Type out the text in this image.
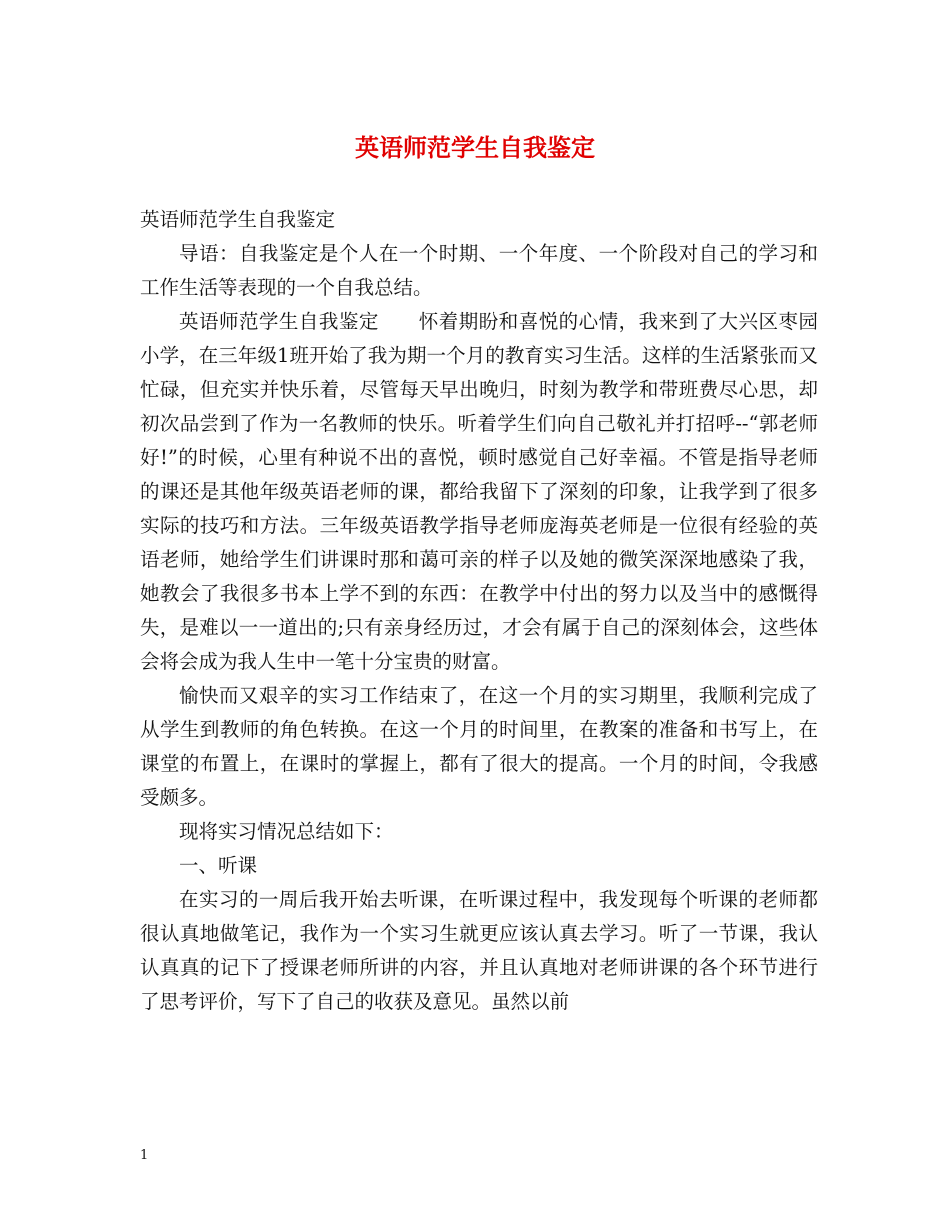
英语师范学生自我鉴定

英语师范学生自我鉴定

导语：自我鉴定是个人在一个时期、一个年度、一个阶段对自己的学习和工作生活等表现的一个自我总结。

英语师范学生自我鉴定　　怀着期盼和喜悦的心情，我来到了大兴区枣园小学，在三年级1班开始了我为期一个月的教育实习生活。这样的生活紧张而又忙碌，但充实并快乐着，尽管每天早出晚归，时刻为教学和带班费尽心思，却初次品尝到了作为一名教师的快乐。听着学生们向自己敬礼并打招呼--“郭老师好!”的时候，心里有种说不出的喜悦，顿时感觉自己好幸福。不管是指导老师的课还是其他年级英语老师的课，都给我留下了深刻的印象，让我学到了很多实际的技巧和方法。三年级英语教学指导老师庞海英老师是一位很有经验的英语老师，她给学生们讲课时那和蔼可亲的样子以及她的微笑深深地感染了我，她教会了我很多书本上学不到的东西：在教学中付出的努力以及当中的感慨得失，是难以一一道出的;只有亲身经历过，才会有属于自己的深刻体会，这些体会将会成为我人生中一笔十分宝贵的财富。

愉快而又艰辛的实习工作结束了，在这一个月的实习期里，我顺利完成了从学生到教师的角色转换。在这一个月的时间里，在教案的准备和书写上，在课堂的布置上，在课时的掌握上，都有了很大的提高。一个月的时间，令我感受颇多。

现将实习情况总结如下：

一、听课

在实习的一周后我开始去听课，在听课过程中，我发现每个听课的老师都很认真地做笔记，我作为一个实习生就更应该认真去学习。听了一节课，我认认真真的记下了授课老师所讲的内容，并且认真地对老师讲课的各个环节进行了思考评价，写下了自己的收获及意见。虽然以前

1
